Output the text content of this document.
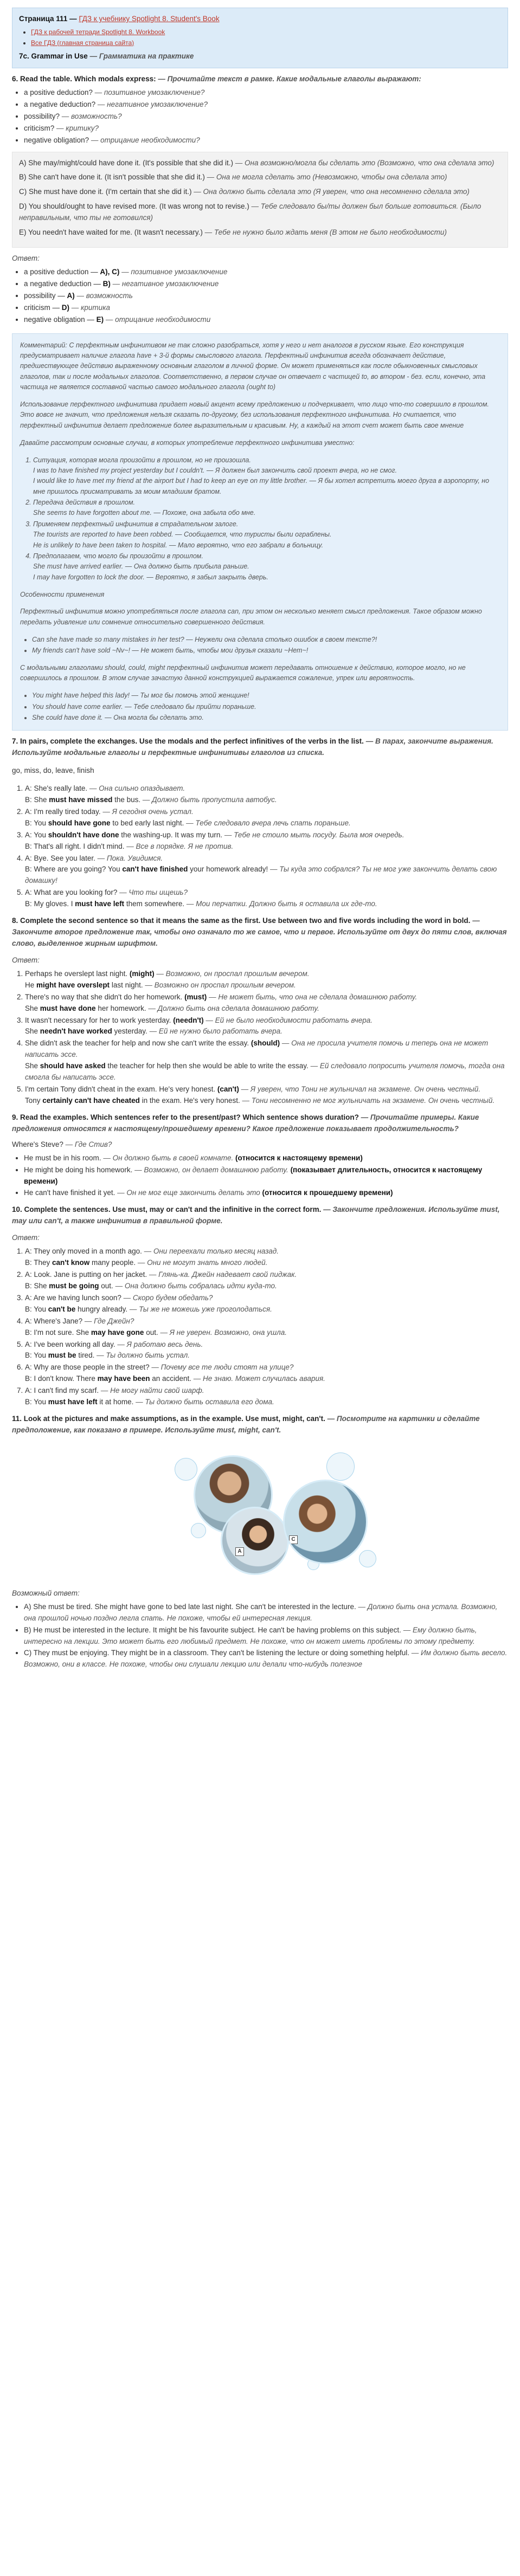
Страница 111 — ГДЗ к учебнику Spotlight 8. Student's Book
• ГДЗ к рабочей тетради Spotlight 8. Workbook
• Все ГДЗ (главная страница сайта)
7c. Grammar in Use — Грамматика на практике
6. Read the table. Which modals express: — Прочитайте текст в рамке. Какие модальные глаголы выражают:
• a positive deduction? — позитивное умозаключение?
• a negative deduction? — негативное умозаключение?
• possibility? — возможность?
• criticism? — критику?
• negative obligation? — отрицание необходимости?
A) She may/might/could have done it. (It's possible that she did it.) — Она возможно/могла бы сделать это (Возможно, что она сделала это)
B) She can't have done it. (It isn't possible that she did it.) — Она не могла сделать это (Невозможно, чтобы она сделала это)
C) She must have done it. (I'm certain that she did it.) — Она должно быть сделала это (Я уверен, что она несомненно сделала это)
D) You should/ought to have revised more. (It was wrong not to revise.) — Тебе следовало бы/ты должен был больше готовиться. (Было неправильным, что ты не готовился)
E) You needn't have waited for me. (It wasn't necessary.) — Тебе не нужно было ждать меня (В этом не было необходимости)
Ответ:
• a positive deduction — A), C) — позитивное умозаключение
• a negative deduction — B) — негативное умозаключение
• possibility — A) — возможность
• criticism — D) — критика
• negative obligation — E) — отрицание необходимости

Комментарий: С перфектным инфинитивом не так сложно разобраться, хотя у него и нет аналогов в русском языке. Его конструкция предусматривает наличие глагола have + 3-й формы смыслового глагола. Перфектный инфинитив всегда обозначает действие, предшествующее действию выраженному основным глаголом в личной форме. Он может применяться как после обыкновенных смысловых глаголов, так и после модальных глаголов. Соответственно, в первом случае он отвечает с частицей to, во втором - без. если, конечно, эта частица не является составной частью самого модального глагола (ought to)

Использование перфектного инфинитива придает новый акцент всему предложению и подчеркивает, что лицо что-то совершило в прошлом. Это вовсе не значит, что предложения нельзя сказать по-другому, без использования перфектного инфинитива. Но считается, что перфектный инфинитив делает предложение более выразительным и красивым. Ну, а каждый на этот счет может быть свое мнение

Давайте рассмотрим основные случаи, в которых употребление перфектного инфинитива уместно:

1. Ситуация, которая могла произойти в прошлом, но не произошла.
I was to have finished my project yesterday but I couldn't. — Я должен был закончить свой проект вчера, но не смог.
I would like to have met my friend at the airport but I had to keep an eye on my little brother. — Я бы хотел встретить моего друга в аэропорту, но мне пришлось присматривать за моим младшим братом.
2. Передача действия в прошлом.
She seems to have forgotten about me. — Похоже, она забыла обо мне.
3. Применяем перфектный инфинитив в страдательном залоге.
The tourists are reported to have been robbed. — Сообщается, что туристы были ограблены.
He is unlikely to have been taken to hospital. — Мало вероятно, что его забрали в больницу.
4. Предполагаем, что могло бы произойти в прошлом.
She must have arrived earlier. — Она должно быть прибыла раньше.
I may have forgotten to lock the door. — Вероятно, я забыл закрыть дверь.

Особенности применения

Перфектный инфинитив можно употребляться после глагола can, при этом он несколько меняет смысл предложения. Такое образом можно передать удивление или сомнение относительно совершенного действия.

• Can she have made so many mistakes in her test? — Неужели она сделала столько ошибок в своем тексте?!
• My friends can't have sold ~Nv~! — Не может быть, чтобы мои друзья сказали ~Нет~!

С модальными глаголами should, could, might перфектный инфинитив может передавать отношение к действию, которое могло, но не совершилось в прошлом. В этом случае зачастую данной конструкцией выражается сожаление, упрек или вероятность.

• You might have helped this lady! — Ты мог бы помочь этой женщине!
• You should have come earlier. — Тебе следовало бы прийти пораньше.
• She could have done it. — Она могла бы сделать это.
7. In pairs, complete the exchanges. Use the modals and the perfect infinitives of the verbs in the list. — В парах, закончите выражения. Используйте модальные глаголы и перфектные инфинитивы глаголов из списка.
go, miss, do, leave, finish
1. A: She's really late. — Она сильно опаздывает.
B: She must have missed the bus. — Должно быть пропустила автобус.
2. A: I'm really tired today. — Я сегодня очень устал.
B: You should have gone to bed early last night. — Тебе следовало вчера лечь спать пораньше.
3. A: You shouldn't have done the washing-up. It was my turn. — Тебе не стоило мыть посуду. Была моя очередь.
B: That's all right. I didn't mind. — Все в порядке. Я не против.
4. A: Bye. See you later. — Пока. Увидимся.
B: Where are you going? You can't have finished your homework already! — Ты куда это собрался? Ты не мог уже закончить делать свою домашку!
5. A: What are you looking for? — Что ты ищешь?
B: My gloves. I must have left them somewhere. — Мои перчатки. Должно быть я оставила их где-то.
8. Complete the second sentence so that it means the same as the first. Use between two and five words including the word in bold. — Закончите второе предложение так, чтобы оно означало то же самое, что и первое. Используйте от двух до пяти слов, включая слово, выделенное жирным шрифтом.
Ответ:
1. Perhaps he overslept last night. (might) — Возможно, он проспал прошлым вечером.
He might have overslept last night. — Возможно он проспал прошлым вечером.
2. There's no way that she didn't do her homework. (must) — Не может быть, что она не сделала домашнюю работу.
She must have done her homework. — Должно быть она сделала домашнюю работу.
3. It wasn't necessary for her to work yesterday. (needn't) — Ей не было необходимости работать вчера.
She needn't have worked yesterday. — Ей не нужно было работать вчера.
4. She didn't ask the teacher for help and now she can't write the essay. (should) — Она не просила учителя помочь и теперь она не может написать эссе.
She should have asked the teacher for help then she would be able to write the essay. — Ей следовало попросить учителя помочь, тогда она смогла бы написать эссе.
5. I'm certain Tony didn't cheat in the exam. He's very honest. (can't) — Я уверен, что Тони не жульничал на экзамене. Он очень честный.
Tony certainly can't have cheated in the exam. He's very honest. — Тони несомненно не мог жульничать на экзамене. Он очень честный.
9. Read the examples. Which sentences refer to the present/past? Which sentence shows duration? — Прочитайте примеры. Какие предложения относятся к настоящему/прошедшему времени? Какое предложение показывает продолжительность?
Where's Steve? — Где Стив?
• He must be in his room. — Он должно быть в своей комнате. (относится к настоящему времени)
• He might be doing his homework. — Возможно, он делает домашнюю работу. (показывает длительность, относится к настоящему времени)
• He can't have finished it yet. — Он не мог еще закончить делать это (относится к прошедшему времени)
10. Complete the sentences. Use must, may or can't and the infinitive in the correct form. — Закончите предложения. Используйте must, may или can't, а также инфинитив в правильной форме.
Ответ:
1. A: They only moved in a month ago. — Они переехали только месяц назад.
B: They can't know many people. — Они не могут знать много людей.
2. A: Look. Jane is putting on her jacket. — Глянь-ка. Джейн надевает свой пиджак.
B: She must be going out. — Она должно быть собралась идти куда-то.
3. A: Are we having lunch soon? — Скоро будем обедать?
B: You can't be hungry already. — Ты же не можешь уже проголодаться.
4. A: Where's Jane? — Где Джейн?
B: I'm not sure. She may have gone out. — Я не уверен. Возможно, она ушла.
5. A: I've been working all day. — Я работаю весь день.
B: You must be tired. — Ты должно быть устал.
6. A: Why are those people in the street? — Почему все те люди стоят на улице?
B: I don't know. There may have been an accident. — Не знаю. Может случилась авария.
7. A: I can't find my scarf. — Не могу найти свой шарф.
B: You must have left it at home. — Ты должно быть оставила его дома.
11. Look at the pictures and make assumptions, as in the example. Use must, might, can't. — Посмотрите на картинки и сделайте предположение, как показано в примере. Используйте must, might, can't.
A
C
Возможный ответ:
• A) She must be tired. She might have gone to bed late last night. She can't be interested in the lecture. — Должно быть она устала. Возможно, она прошлой ночью поздно легла спать. Не похоже, чтобы ей интересная лекция.
• B) He must be interested in the lecture. It might be his favourite subject. He can't be having problems on this subject. — Ему должно быть, интересно на лекции. Это может быть его любимый предмет. Не похоже, что он может иметь проблемы по этому предмету.
• C) They must be enjoying. They might be in a classroom. They can't be listening the lecture or doing something helpful. — Им должно быть весело. Возможно, они в классе. Не похоже, чтобы они слушали лекцию или делали что-нибудь полезное
